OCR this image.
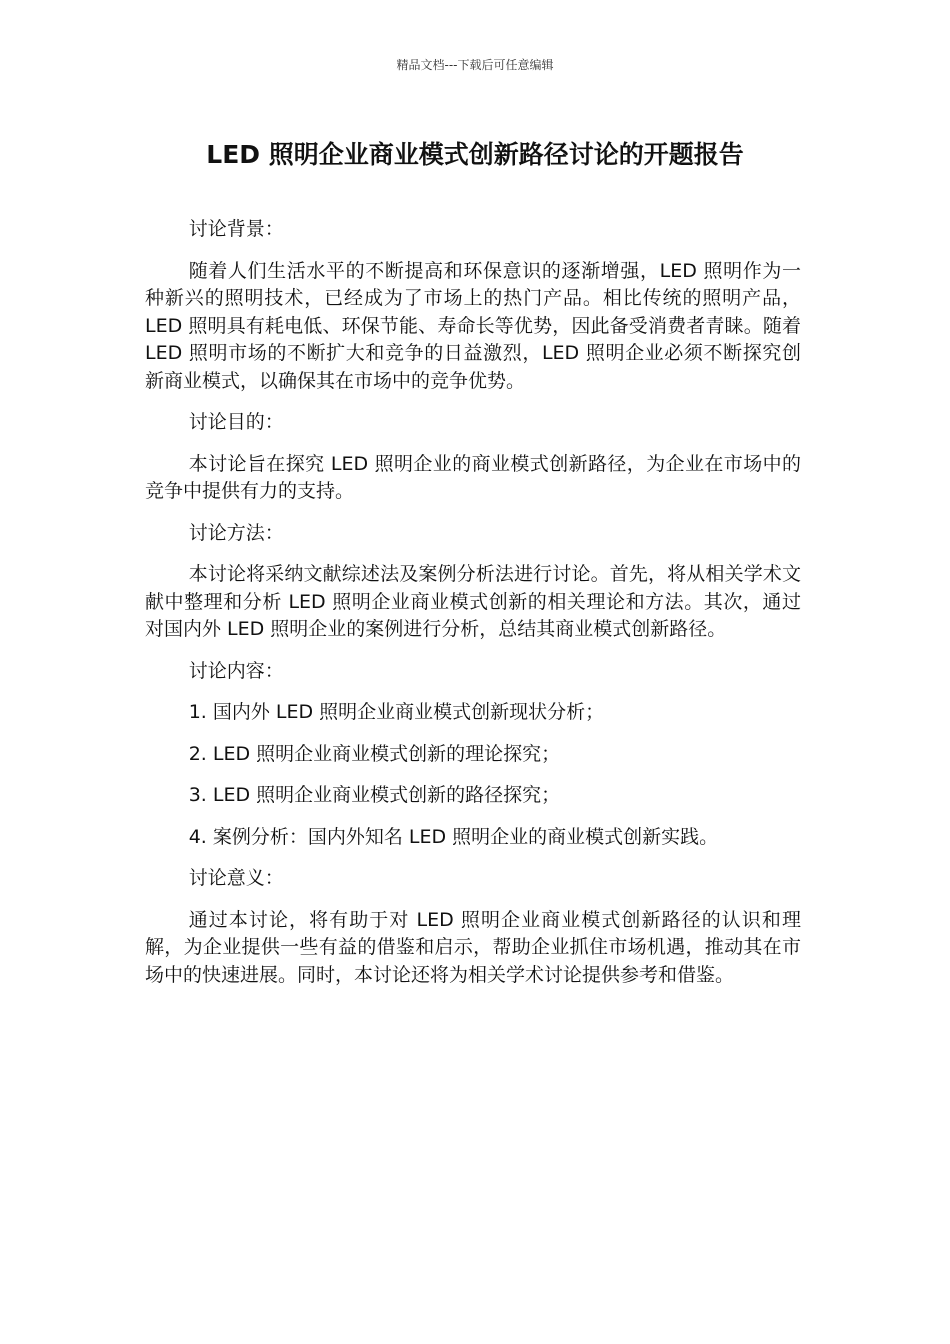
精品文档---下载后可任意编辑
LED 照明企业商业模式创新路径讨论的开题报告

讨论背景：

随着人们生活水平的不断提高和环保意识的逐渐增强，LED 照明作为一种新兴的照明技术，已经成为了市场上的热门产品。相比传统的照明产品，LED 照明具有耗电低、环保节能、寿命长等优势，因此备受消费者青睐。随着 LED 照明市场的不断扩大和竞争的日益激烈，LED 照明企业必须不断探究创新商业模式，以确保其在市场中的竞争优势。

讨论目的：

本讨论旨在探究 LED 照明企业的商业模式创新路径，为企业在市场中的竞争中提供有力的支持。

讨论方法：

本讨论将采纳文献综述法及案例分析法进行讨论。首先，将从相关学术文献中整理和分析 LED 照明企业商业模式创新的相关理论和方法。其次，通过对国内外 LED 照明企业的案例进行分析，总结其商业模式创新路径。

讨论内容：

1. 国内外 LED 照明企业商业模式创新现状分析；

2. LED 照明企业商业模式创新的理论探究；

3. LED 照明企业商业模式创新的路径探究；

4. 案例分析：国内外知名 LED 照明企业的商业模式创新实践。

讨论意义：

通过本讨论，将有助于对 LED 照明企业商业模式创新路径的认识和理解，为企业提供一些有益的借鉴和启示，帮助企业抓住市场机遇，推动其在市场中的快速进展。同时，本讨论还将为相关学术讨论提供参考和借鉴。
